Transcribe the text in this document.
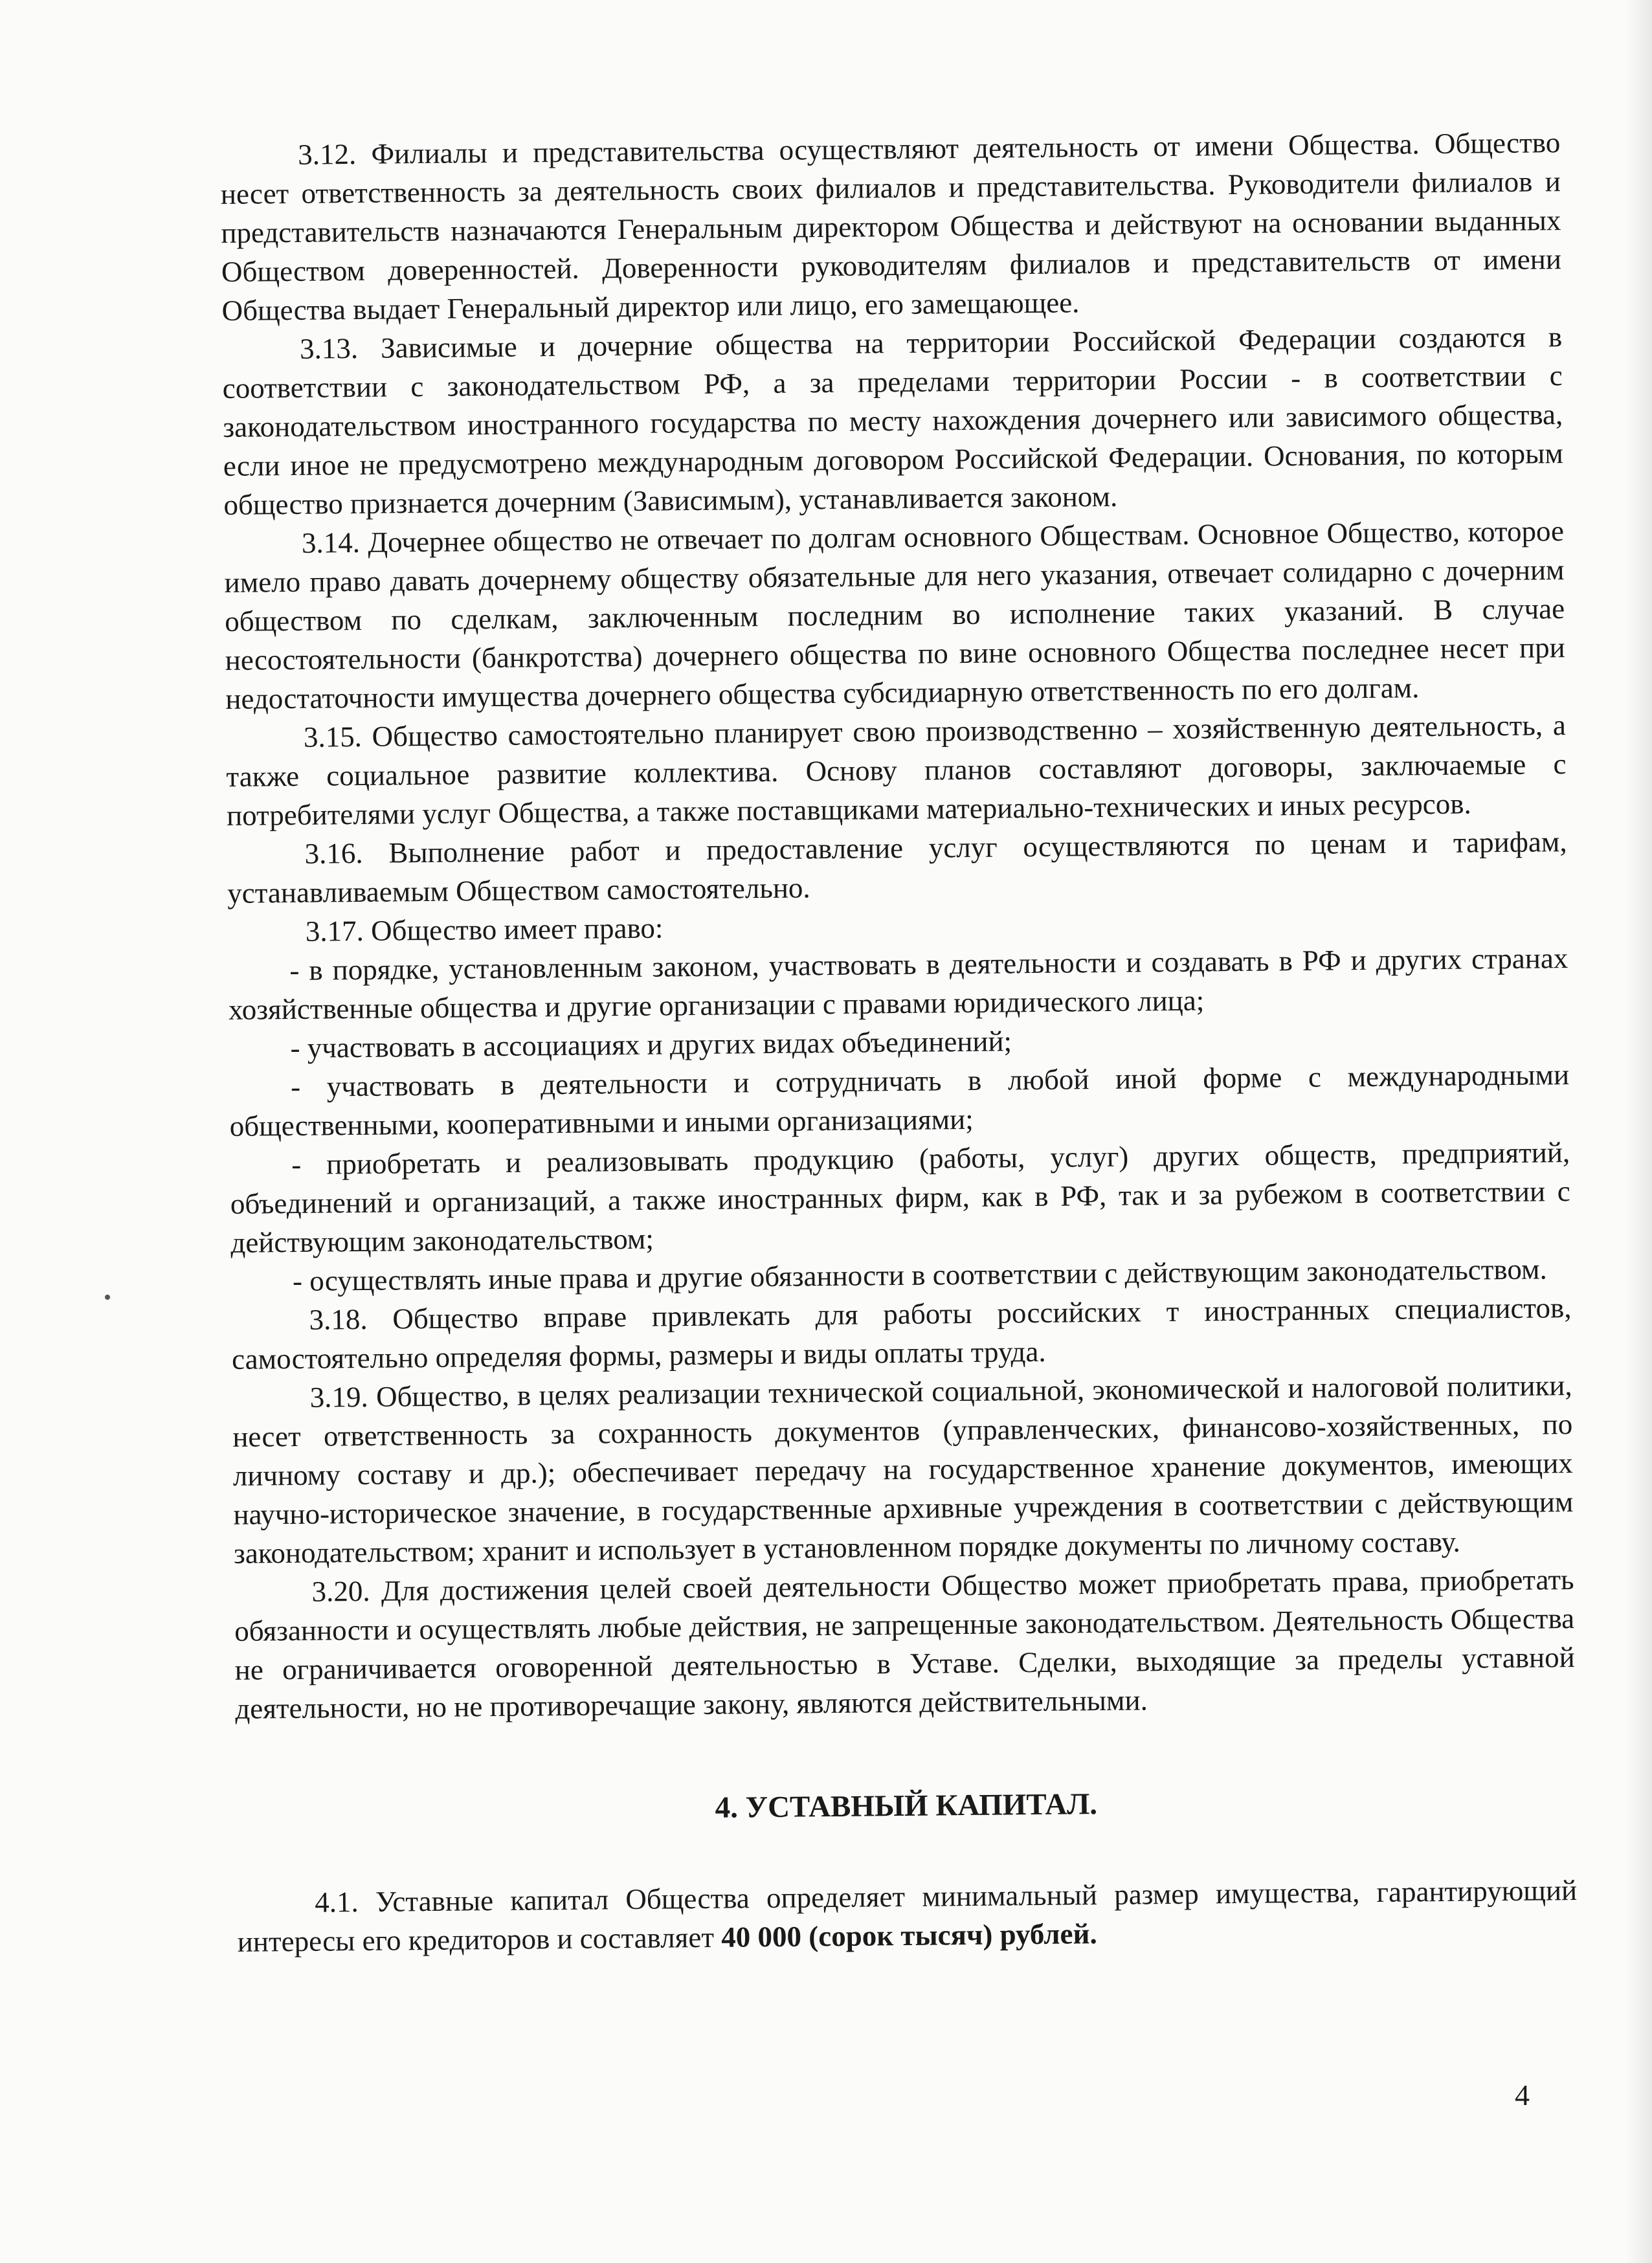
3.12. Филиалы и представительства осуществляют деятельность от имени Общества. Общество несет ответственность за деятельность своих филиалов и представительства. Руководители филиалов и представительств назначаются Генеральным директором Общества и действуют на основании выданных Обществом доверенностей. Доверенности руководителям филиалов и представительств от имени Общества выдает Генеральный директор или лицо, его замещающее.

3.13. Зависимые и дочерние общества на территории Российской Федерации создаются в соответствии с законодательством РФ, а за пределами территории России - в соответствии с законодательством иностранного государства по месту нахождения дочернего или зависимого общества, если иное не предусмотрено международным договором Российской Федерации. Основания, по которым общество признается дочерним (Зависимым), устанавливается законом.

3.14. Дочернее общество не отвечает по долгам основного Обществам. Основное Общество, которое имело право давать дочернему обществу обязательные для него указания, отвечает солидарно с дочерним обществом по сделкам, заключенным последним во исполнение таких указаний. В случае несостоятельности (банкротства) дочернего общества по вине основного Общества последнее несет при недостаточности имущества дочернего общества субсидиарную ответственность по его долгам.

3.15. Общество самостоятельно планирует свою производственно – хозяйственную деятельность, а также социальное развитие коллектива. Основу планов составляют договоры, заключаемые с потребителями услуг Общества, а также поставщиками материально-технических и иных ресурсов.

3.16. Выполнение работ и предоставление услуг осуществляются по ценам и тарифам, устанавливаемым Обществом самостоятельно.

3.17. Общество имеет право:

- в порядке, установленным законом, участвовать в деятельности и создавать в РФ и других странах хозяйственные общества и другие организации с правами юридического лица;

- участвовать в ассоциациях и других видах объединений;

- участвовать в деятельности и сотрудничать в любой иной форме с международными общественными, кооперативными и иными организациями;

- приобретать и реализовывать продукцию (работы, услуг) других обществ, предприятий, объединений и организаций, а также иностранных фирм, как в РФ, так и за рубежом в соответствии с действующим законодательством;

- осуществлять иные права и другие обязанности в соответствии с действующим законодательством.

3.18. Общество вправе привлекать для работы российских т иностранных специалистов, самостоятельно определяя формы, размеры и виды оплаты труда.

3.19. Общество, в целях реализации технической социальной, экономической и налоговой политики, несет ответственность за сохранность документов (управленческих, финансово-хозяйственных, по личному составу и др.); обеспечивает передачу на государственное хранение документов, имеющих научно-историческое значение, в государственные архивные учреждения в соответствии с действующим законодательством; хранит и использует в установленном порядке документы по личному составу.

3.20. Для достижения целей своей деятельности Общество может приобретать права, приобретать обязанности и осуществлять любые действия, не запрещенные законодательством. Деятельность Общества не ограничивается оговоренной деятельностью в Уставе. Сделки, выходящие за пределы уставной деятельности, но не противоречащие закону, являются действительными.

4. УСТАВНЫЙ КАПИТАЛ.

4.1. Уставные капитал Общества определяет минимальный размер имущества, гарантирующий интересы его кредиторов и составляет 40 000 (сорок тысяч) рублей.

4
